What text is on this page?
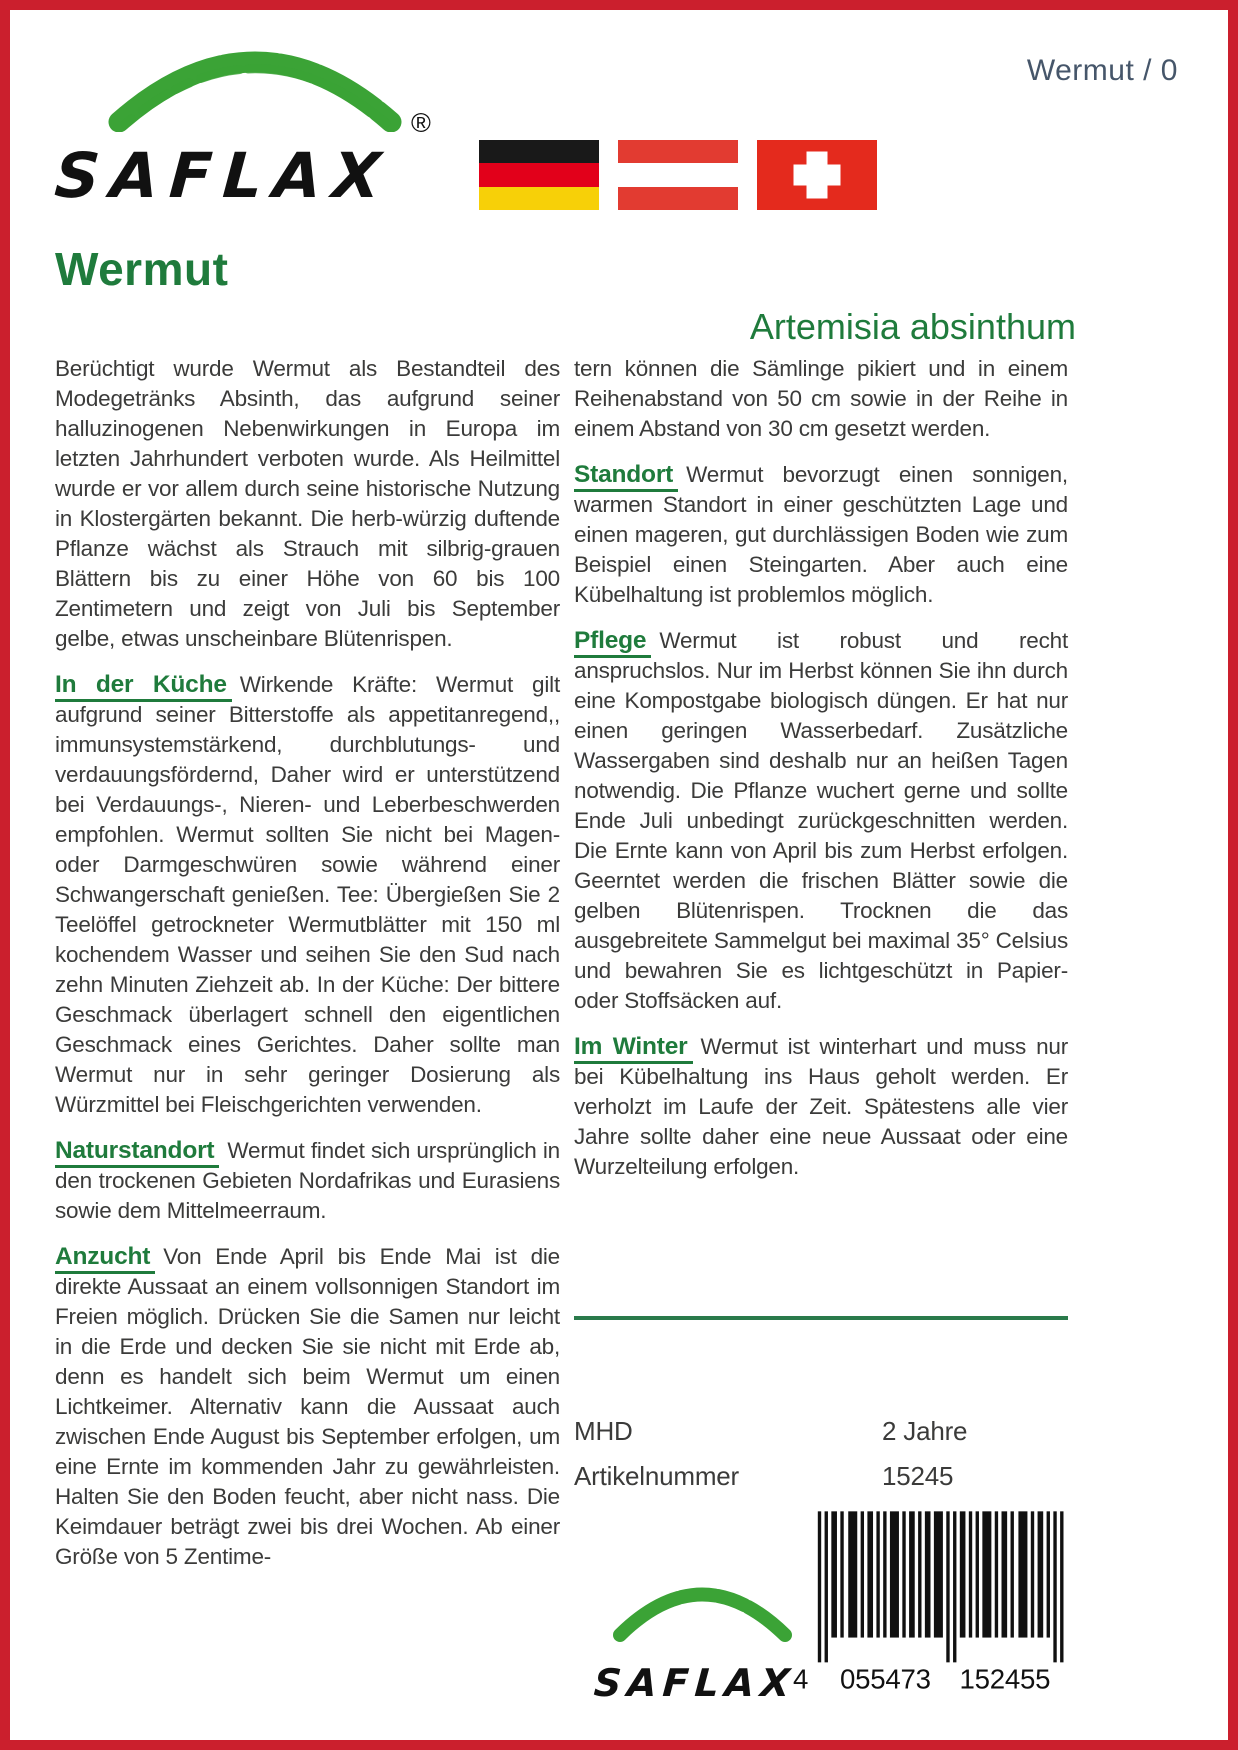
Wermut / 0
SAFLAX
®
Wermut
Artemisia absinthum

Berüchtigt wurde Wermut als Bestandteil des Modegetränks Absinth, das aufgrund seiner halluzinogenen Nebenwirkungen in Europa im letzten Jahrhundert verboten wurde. Als Heilmittel wurde er vor allem durch seine historische Nutzung in Klostergärten bekannt. Die herb-würzig duftende Pflanze wächst als Strauch mit silbrig-grauen Blättern bis zu einer Höhe von 60 bis 100 Zentimetern und zeigt von Juli bis September gelbe, etwas unscheinbare Blütenrispen.

In der Küche Wirkende Kräfte: Wermut gilt aufgrund seiner Bitterstoffe als appetitanregend,, immunsystemstärkend, durchblutungs- und verdauungsfördernd, Daher wird er unterstützend bei Verdauungs-, Nieren- und Leberbeschwerden empfohlen. Wermut sollten Sie nicht bei Magen- oder Darmgeschwüren sowie während einer Schwangerschaft genießen. Tee: Übergießen Sie 2 Teelöffel getrockneter Wermutblätter mit 150 ml kochendem Wasser und seihen Sie den Sud nach zehn Minuten Ziehzeit ab. In der Küche: Der bittere Geschmack überlagert schnell den eigentlichen Geschmack eines Gerichtes. Daher sollte man Wermut nur in sehr geringer Dosierung als Würzmittel bei Fleischgerichten verwenden.

Naturstandort Wermut findet sich ursprünglich in den trockenen Gebieten Nordafrikas und Eurasiens sowie dem Mittelmeerraum.

Anzucht Von Ende April bis Ende Mai ist die direkte Aussaat an einem vollsonnigen Standort im Freien möglich. Drücken Sie die Samen nur leicht in die Erde und decken Sie sie nicht mit Erde ab, denn es handelt sich beim Wermut um einen Lichtkeimer. Alternativ kann die Aussaat auch zwischen Ende August bis September erfolgen, um eine Ernte im kommenden Jahr zu gewährleisten. Halten Sie den Boden feucht, aber nicht nass. Die Keimdauer beträgt zwei bis drei Wochen. Ab einer Größe von 5 Zentime-

tern können die Sämlinge pikiert und in einem Reihenabstand von 50 cm sowie in der Reihe in einem Abstand von 30 cm gesetzt werden.

Standort Wermut bevorzugt einen sonnigen, warmen Standort in einer geschützten Lage und einen mageren, gut durchlässigen Boden wie zum Beispiel einen Steingarten. Aber auch eine Kübelhaltung ist problemlos möglich.

Pflege Wermut ist robust und recht anspruchslos. Nur im Herbst können Sie ihn durch eine Kompostgabe biologisch düngen. Er hat nur einen geringen Wasserbedarf. Zusätzliche Wassergaben sind deshalb nur an heißen Tagen notwendig. Die Pflanze wuchert gerne und sollte Ende Juli unbedingt zurückgeschnitten werden. Die Ernte kann von April bis zum Herbst erfolgen. Geerntet werden die frischen Blätter sowie die gelben Blütenrispen. Trocknen die das ausgebreitete Sammelgut bei maximal 35° Celsius und bewahren Sie es lichtgeschützt in Papier- oder Stoffsäcken auf.

Im Winter Wermut ist winterhart und muss nur bei Kübelhaltung ins Haus geholt werden. Er verholzt im Laufe der Zeit. Spätestens alle vier Jahre sollte daher eine neue Aussaat oder eine Wurzelteilung erfolgen.

MHD	2 Jahre
Artikelnummer	15245
SAFLAX
4 055473 152455
